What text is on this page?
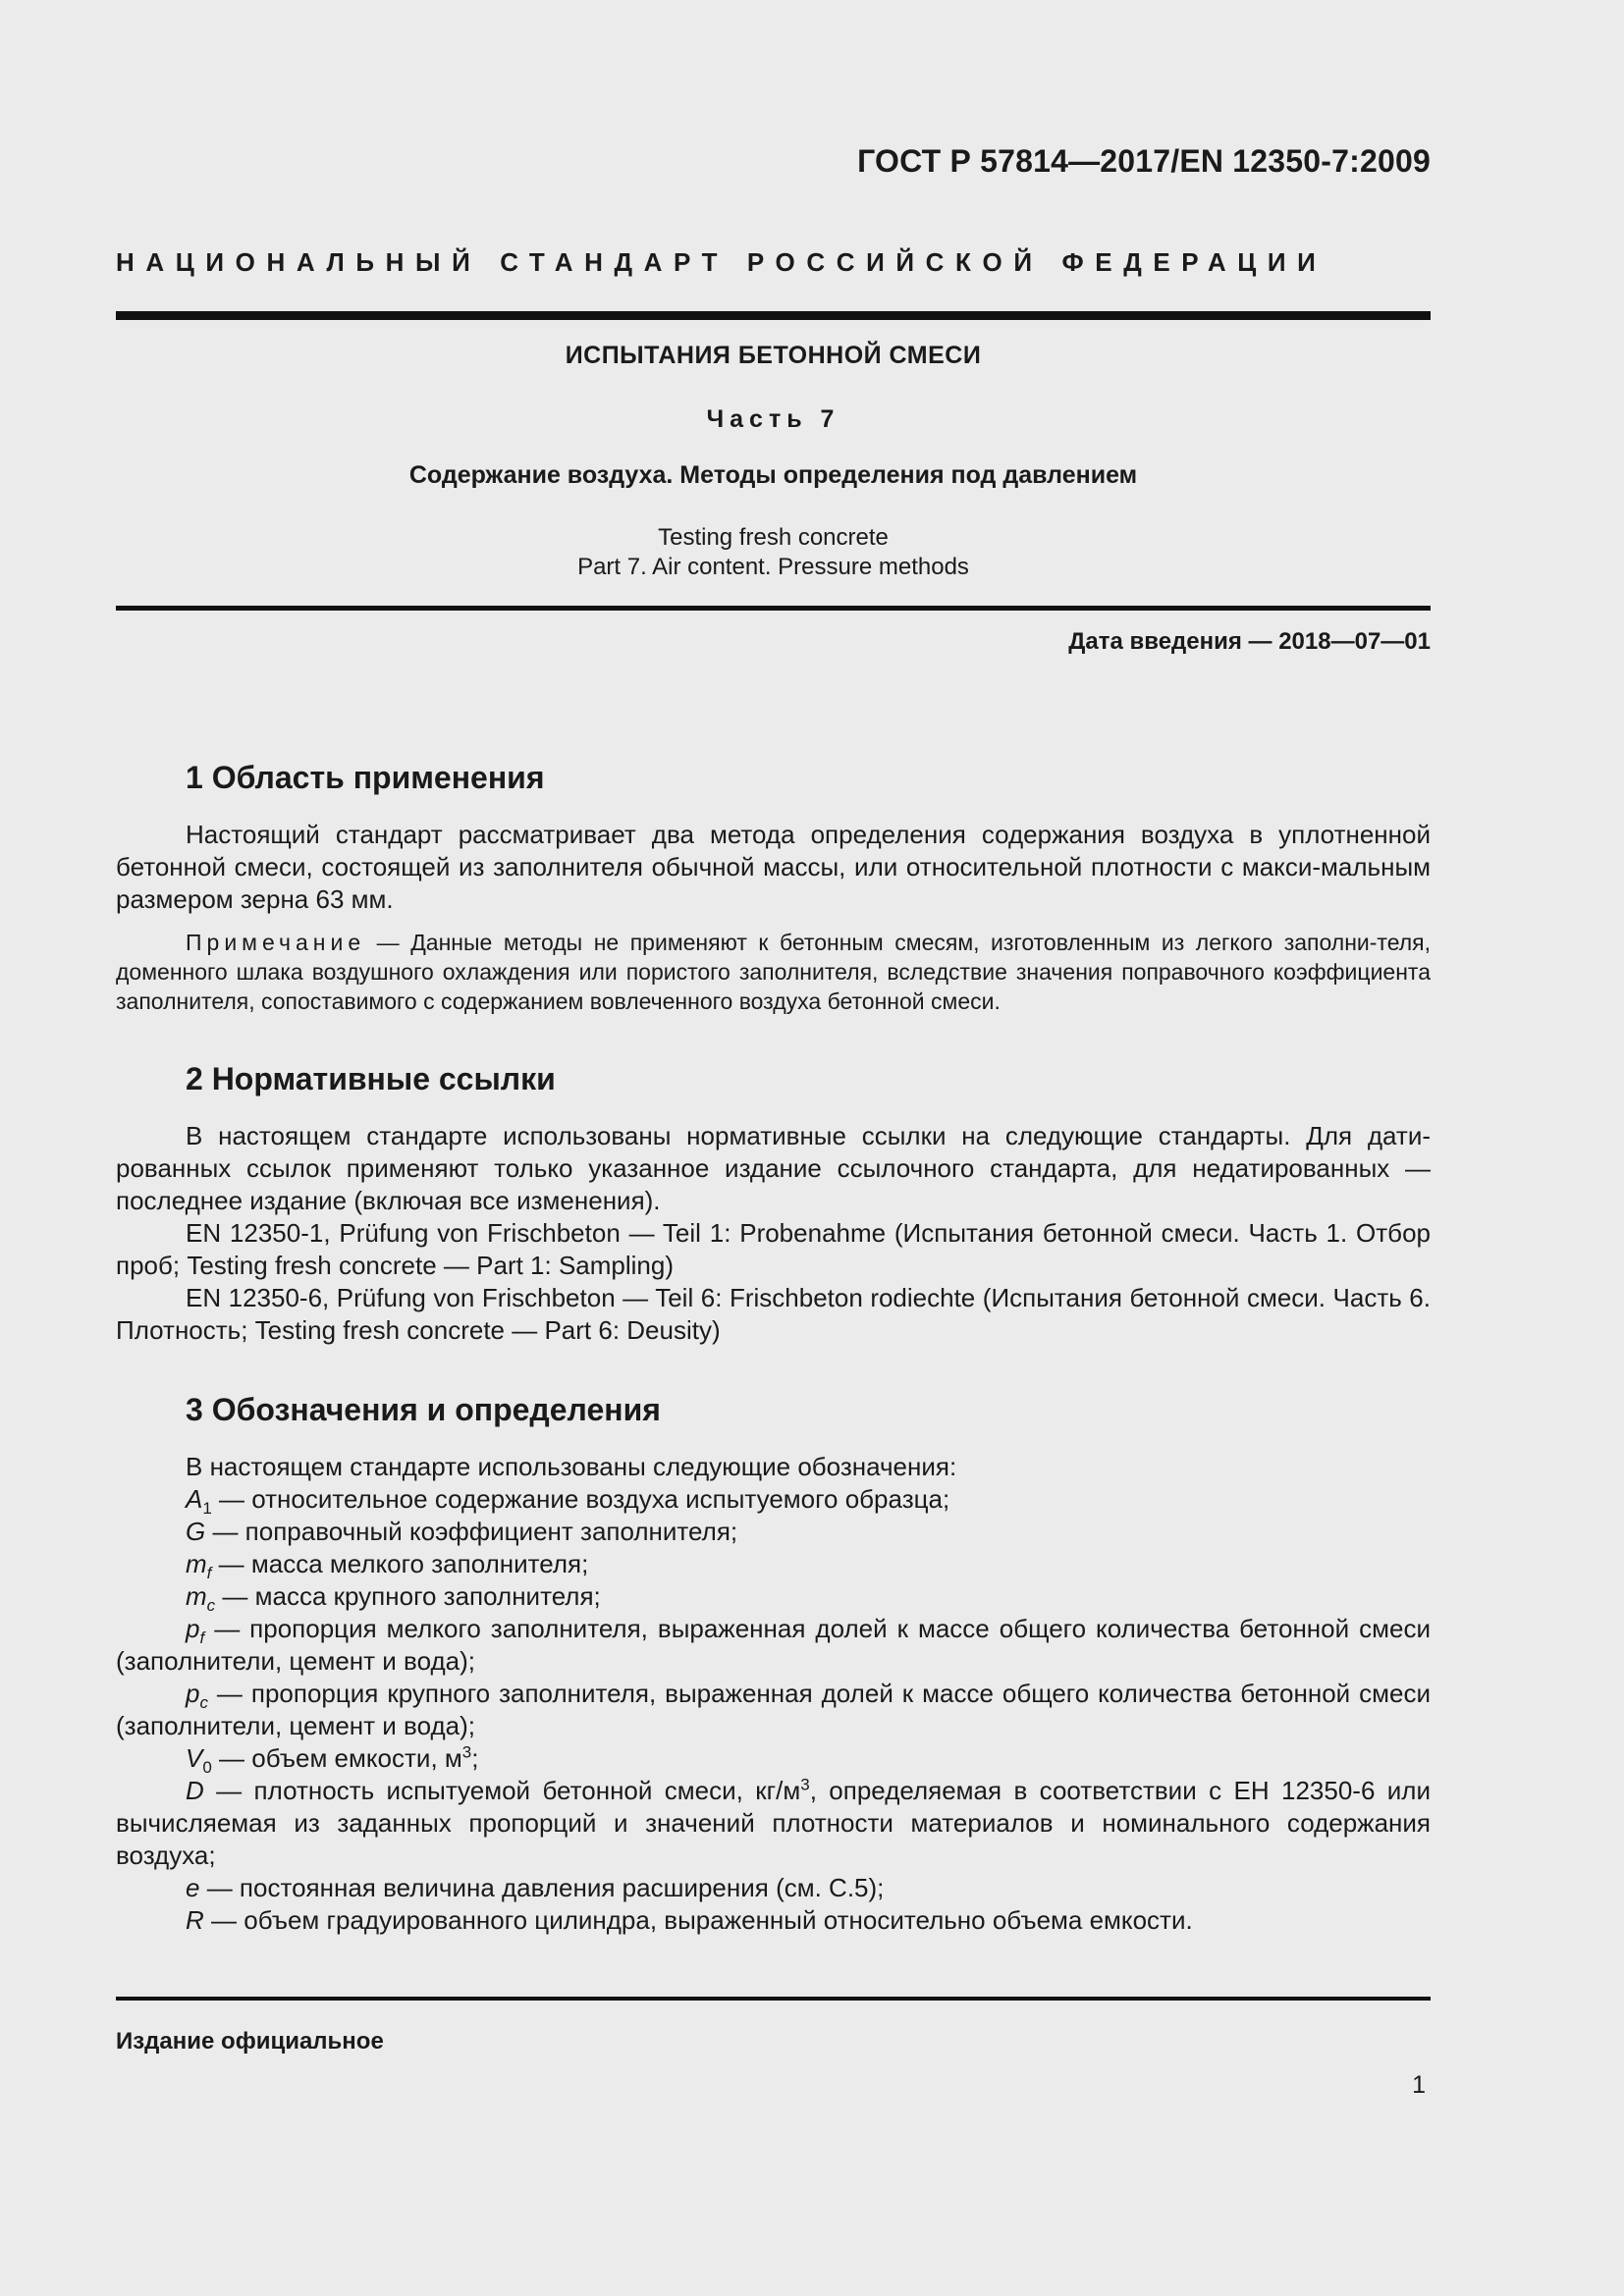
ГОСТ Р 57814—2017/EN 12350-7:2009
НАЦИОНАЛЬНЫЙ СТАНДАРТ РОССИЙСКОЙ ФЕДЕРАЦИИ
ИСПЫТАНИЯ БЕТОННОЙ СМЕСИ
Часть 7
Содержание воздуха. Методы определения под давлением
Testing fresh concrete
Part 7. Air content. Pressure methods
Дата введения — 2018—07—01
1 Область применения

Настоящий стандарт рассматривает два метода определения содержания воздуха в уплотненной бетонной смеси, состоящей из заполнителя обычной массы, или относительной плотности с макси-мальным размером зерна 63 мм.

Примечание — Данные методы не применяют к бетонным смесям, изготовленным из легкого заполни-теля, доменного шлака воздушного охлаждения или пористого заполнителя, вследствие значения поправочного коэффициента заполнителя, сопоставимого с содержанием вовлеченного воздуха бетонной смеси.

2 Нормативные ссылки

В настоящем стандарте использованы нормативные ссылки на следующие стандарты. Для дати-рованных ссылок применяют только указанное издание ссылочного стандарта, для недатированных — последнее издание (включая все изменения).

EN 12350-1, Prüfung von Frischbeton — Teil 1: Probenahme (Испытания бетонной смеси. Часть 1. Отбор проб; Testing fresh concrete — Part 1: Sampling)

EN 12350-6, Prüfung von Frischbeton — Teil 6: Frischbeton rodiechte (Испытания бетонной смеси. Часть 6. Плотность; Testing fresh concrete — Part 6: Deusity)

3 Обозначения и определения

В настоящем стандарте использованы следующие обозначения:

$A_1$ — относительное содержание воздуха испытуемого образца;

G — поправочный коэффициент заполнителя;

$m_f$ — масса мелкого заполнителя;

$m_c$ — масса крупного заполнителя;

$p_f$ — пропорция мелкого заполнителя, выраженная долей к массе общего количества бетонной смеси (заполнители, цемент и вода);

$p_c$ — пропорция крупного заполнителя, выраженная долей к массе общего количества бетонной смеси (заполнители, цемент и вода);

$V_0$ — объем емкости, $м^3$;

D — плотность испытуемой бетонной смеси, $кг/м^3$, определяемая в соответствии с ЕН 12350-6 или вычисляемая из заданных пропорций и значений плотности материалов и номинального содержания воздуха;

e — постоянная величина давления расширения (см. С.5);

R — объем градуированного цилиндра, выраженный относительно объема емкости.

Издание официальное
1
